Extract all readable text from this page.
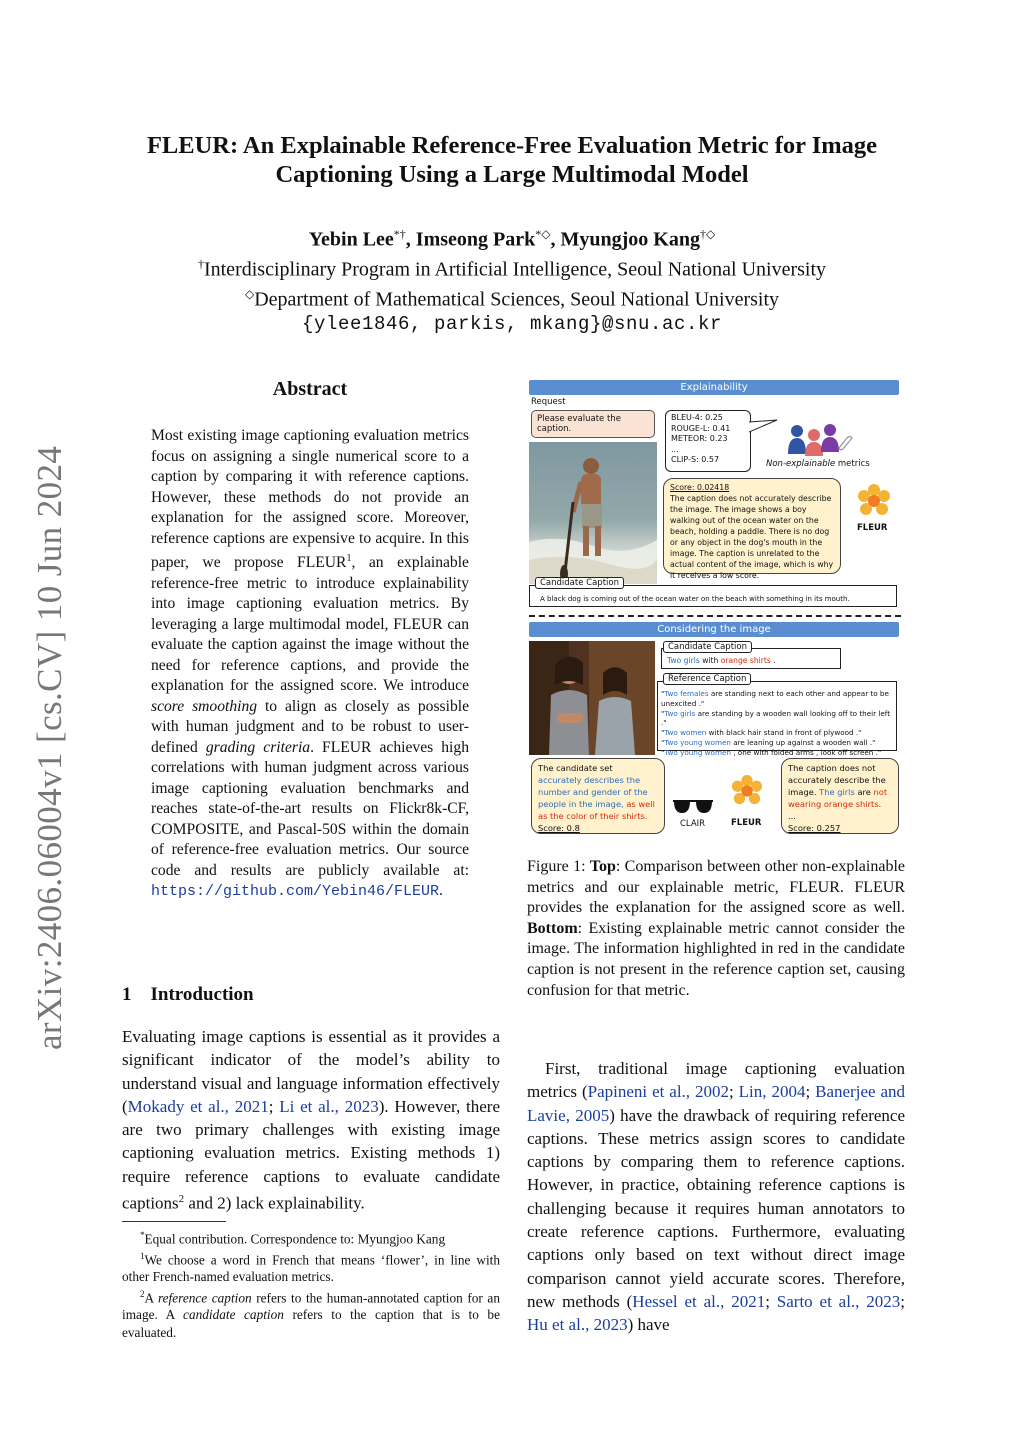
arXiv:2406.06004v1 [cs.CV] 10 Jun 2024
FLEUR: An Explainable Reference-Free Evaluation Metric for Image
Captioning Using a Large Multimodal Model
Yebin Lee*†, Imseong Park*◇, Myungjoo Kang†◇
†Interdisciplinary Program in Artificial Intelligence, Seoul National University
◇Department of Mathematical Sciences, Seoul National University
{ylee1846, parkis, mkang}@snu.ac.kr
Abstract
Most existing image captioning evaluation metrics focus on assigning a single numerical score to a caption by comparing it with reference captions. However, these methods do not provide an explanation for the assigned score. Moreover, reference captions are expensive to acquire. In this paper, we propose FLEUR$^1$, an explainable reference-free metric to introduce explainability into image captioning evaluation metrics. By leveraging a large multimodal model, FLEUR can evaluate the caption against the image without the need for reference captions, and provide the explanation for the assigned score. We introduce score smoothing to align as closely as possible with human judgment and to be robust to user-defined grading criteria. FLEUR achieves high correlations with human judgment across various image captioning evaluation benchmarks and reaches state-of-the-art results on Flickr8k-CF, COMPOSITE, and Pascal-50S within the domain of reference-free evaluation metrics. Our source code and results are publicly available at: https://github.com/Yebin46/FLEUR.
1    Introduction
Evaluating image captions is essential as it provides a significant indicator of the model’s ability to understand visual and language information effectively (Mokady et al., 2021; Li et al., 2023). However, there are two primary challenges with existing image captioning evaluation metrics. Existing methods 1) require reference captions to evaluate candidate captions$^2$ and 2) lack explainability.
*Equal contribution. Correspondence to: Myungjoo Kang
$^1$We choose a word in French that means ‘flower’, in line with other French-named evaluation metrics.
$^2$A reference caption refers to the human-annotated caption for an image. A candidate caption refers to the caption that is to be evaluated.
Explainability
Request
Please evaluate the caption.
BLEU-4: 0.25
ROUGE-L: 0.41
METEOR: 0.23
...
CLIP-S: 0.57	Non-explainable metrics
Score: 0.02418
The caption does not accurately describe the image. The image shows a boy walking out of the ocean water on the beach, holding a paddle. There is no dog or any object in the dog's mouth in the image. The caption is unrelated to the actual content of the image, which is why it receives a low score.
FLEUR
A black dog is coming out of the ocean water on the beach with something in its mouth.
Candidate Caption
Considering the image
Two girls with orange shirts .
Candidate Caption
"Two females are standing next to each other and appear to be unexcited ."
"Two girls are standing by a wooden wall looking off to their left ."
"Two women with black hair stand in front of plywood ."
"Two young women are leaning up against a wooden wall ."
"Two young women , one with folded arms , look off screen ."
Reference Caption
The candidate set accurately describes the number and gender of the people in the image, as well as the color of their shirts.
Score: 0.8	CLAIR	FLEUR
The caption does not accurately describe the image. The girls are not wearing orange shirts.
...
Score: 0.257
Figure 1: Top: Comparison between other non-explainable metrics and our explainable metric, FLEUR. FLEUR provides the explanation for the assigned score as well. Bottom: Existing explainable metric cannot consider the image. The information highlighted in red in the candidate caption is not present in the reference caption set, causing confusion for that metric.
First, traditional image captioning evaluation metrics (Papineni et al., 2002; Lin, 2004; Banerjee and Lavie, 2005) have the drawback of requiring reference captions. These metrics assign scores to candidate captions by comparing them to reference captions. However, in practice, obtaining reference captions is challenging because it requires human annotators to create reference captions. Furthermore, evaluating captions only based on text without direct image comparison cannot yield accurate scores. Therefore, new methods (Hessel et al., 2021; Sarto et al., 2023; Hu et al., 2023) have
